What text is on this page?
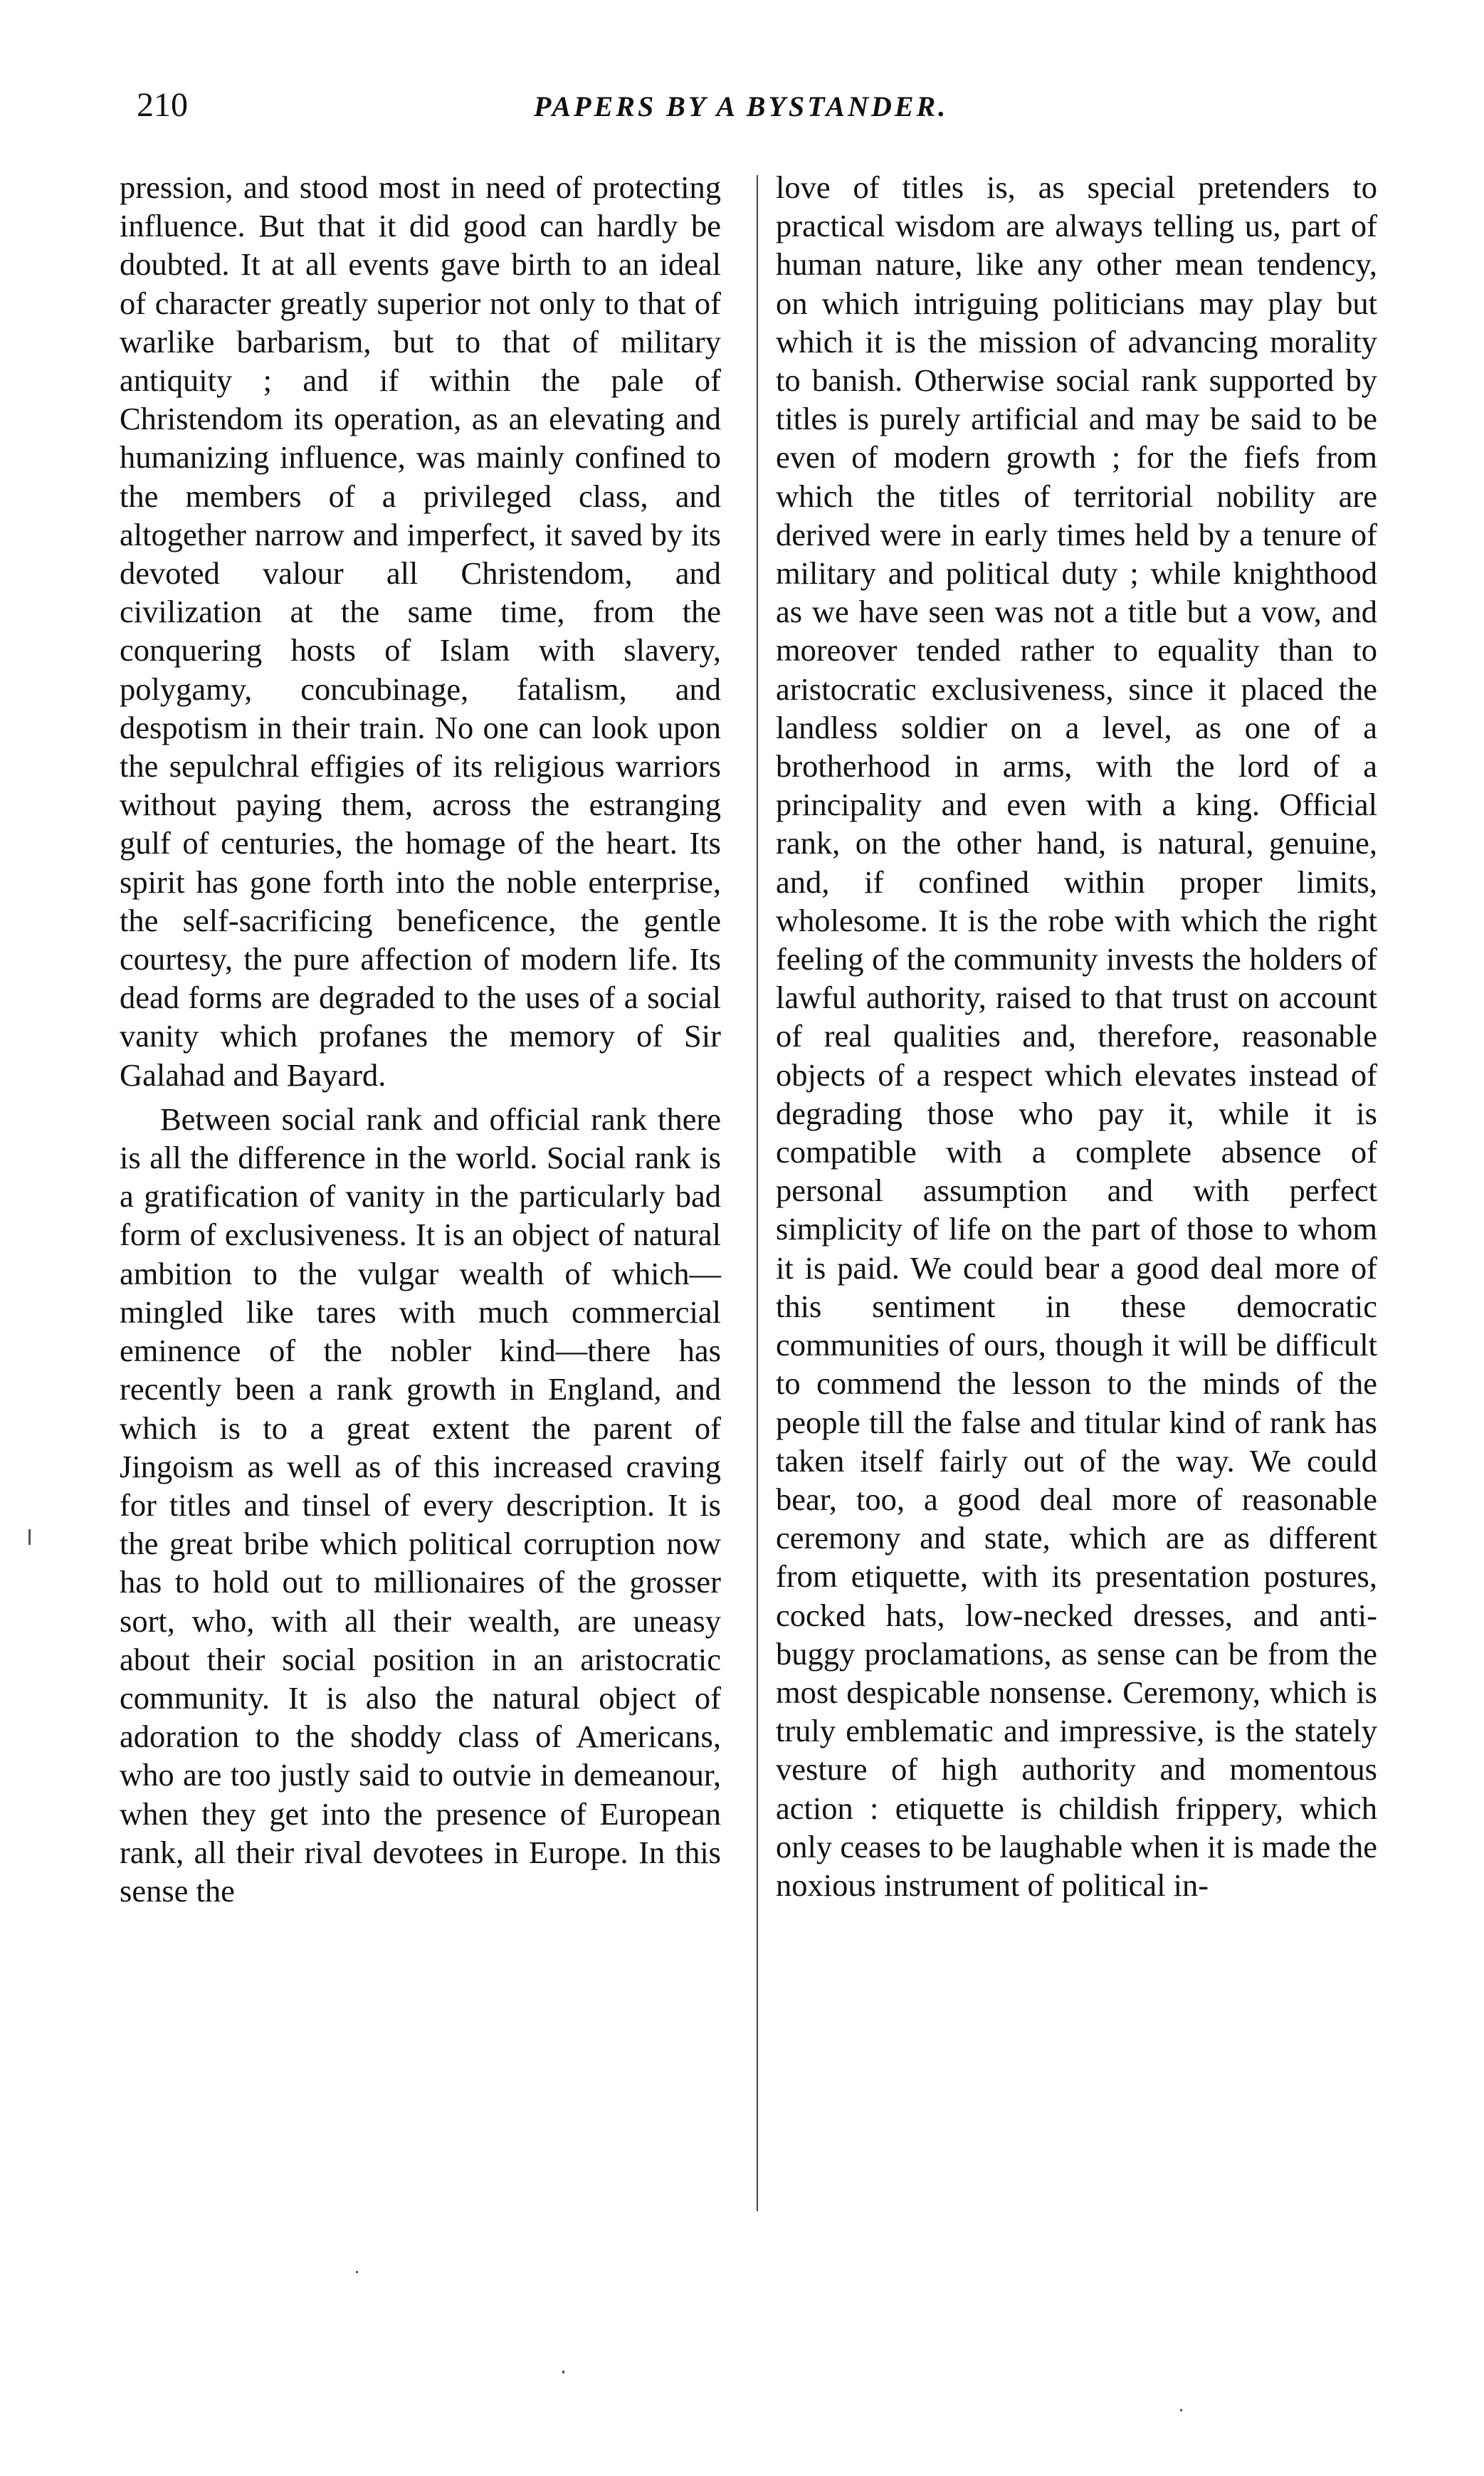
210	PAPERS BY A BYSTANDER.

pression, and stood most in need of protecting influence. But that it did good can hardly be doubted. It at all events gave birth to an ideal of character greatly superior not only to that of warlike barbarism, but to that of military antiquity ; and if within the pale of Christendom its operation, as an elevating and humanizing influence, was mainly confined to the members of a privileged class, and altogether narrow and imperfect, it saved by its devoted valour all Christendom, and civilization at the same time, from the conquering hosts of Islam with slavery, polygamy, concubinage, fatalism, and despotism in their train. No one can look upon the sepulchral effigies of its religious warriors without paying them, across the estranging gulf of centuries, the homage of the heart. Its spirit has gone forth into the noble enterprise, the self-sacrificing beneficence, the gentle courtesy, the pure affection of modern life. Its dead forms are degraded to the uses of a social vanity which profanes the memory of Sir Galahad and Bayard.

Between social rank and official rank there is all the difference in the world. Social rank is a gratification of vanity in the particularly bad form of exclusiveness. It is an object of natural ambition to the vulgar wealth of which—mingled like tares with much commercial eminence of the nobler kind—there has recently been a rank growth in England, and which is to a great extent the parent of Jingoism as well as of this increased craving for titles and tinsel of every description. It is the great bribe which political corruption now has to hold out to millionaires of the grosser sort, who, with all their wealth, are uneasy about their social position in an aristocratic community. It is also the natural object of adoration to the shoddy class of Americans, who are too justly said to outvie in demeanour, when they get into the presence of European rank, all their rival devotees in Europe. In this sense the

love of titles is, as special pretenders to practical wisdom are always telling us, part of human nature, like any other mean tendency, on which intriguing politicians may play but which it is the mission of advancing morality to banish. Otherwise social rank supported by titles is purely artificial and may be said to be even of modern growth ; for the fiefs from which the titles of territorial nobility are derived were in early times held by a tenure of military and political duty ; while knighthood as we have seen was not a title but a vow, and moreover tended rather to equality than to aristocratic exclusiveness, since it placed the landless soldier on a level, as one of a brotherhood in arms, with the lord of a principality and even with a king. Official rank, on the other hand, is natural, genuine, and, if confined within proper limits, wholesome. It is the robe with which the right feeling of the community invests the holders of lawful authority, raised to that trust on account of real qualities and, therefore, reasonable objects of a respect which elevates instead of degrading those who pay it, while it is compatible with a complete absence of personal assumption and with perfect simplicity of life on the part of those to whom it is paid. We could bear a good deal more of this sentiment in these democratic communities of ours, though it will be difficult to commend the lesson to the minds of the people till the false and titular kind of rank has taken itself fairly out of the way. We could bear, too, a good deal more of reasonable ceremony and state, which are as different from etiquette, with its presentation postures, cocked hats, low-necked dresses, and anti-buggy proclamations, as sense can be from the most despicable nonsense. Ceremony, which is truly emblematic and impressive, is the stately vesture of high authority and momentous action : etiquette is childish frippery, which only ceases to be laughable when it is made the noxious instrument of political in-
